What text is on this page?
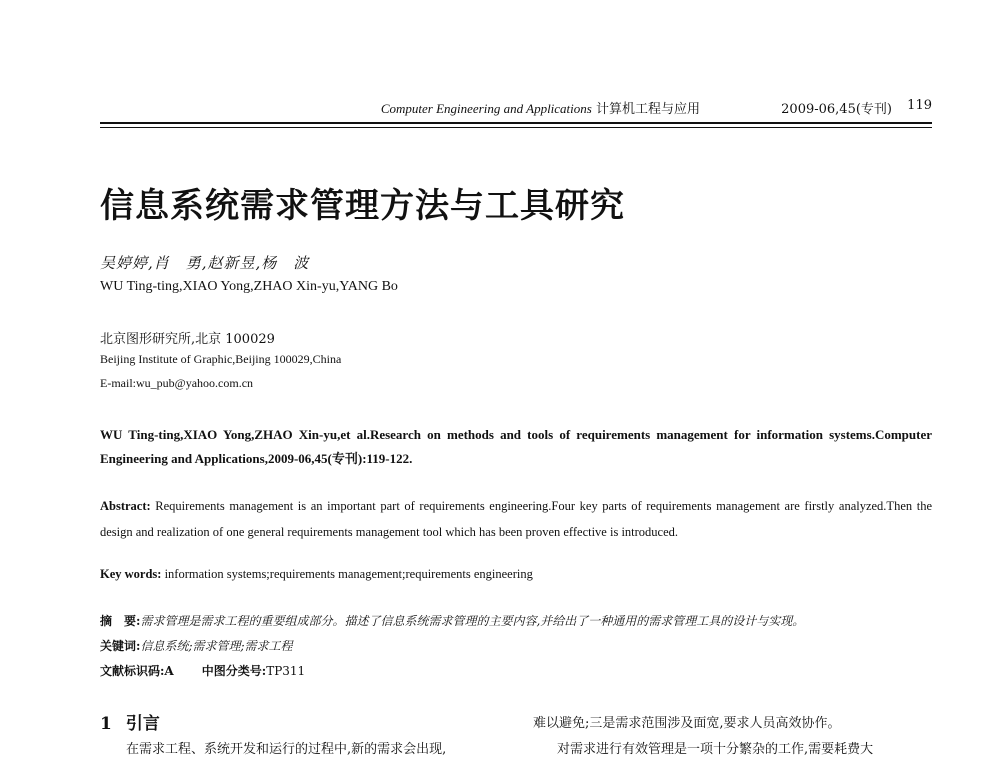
Computer Engineering and Applications 计算机工程与应用	2009-06,45(专刊) 119
信息系统需求管理方法与工具研究
吴婷婷,肖　勇,赵新昱,杨　波
WU Ting-ting,XIAO Yong,ZHAO Xin-yu,YANG Bo
北京图形研究所,北京 100029
Beijing Institute of Graphic,Beijing 100029,China
E-mail:wu_pub@yahoo.com.cn
WU Ting-ting,XIAO Yong,ZHAO Xin-yu,et al.Research on methods and tools of requirements management for information systems.Computer Engineering and Applications,2009-06,45(专刊):119-122.
Abstract: Requirements management is an important part of requirements engineering.Four key parts of requirements management are firstly analyzed.Then the design and realization of one general requirements management tool which has been proven effective is introduced.
Key words: information systems;requirements management;requirements engineering
摘　要:需求管理是需求工程的重要组成部分。描述了信息系统需求管理的主要内容,并给出了一种通用的需求管理工具的设计与实现。
关键词:信息系统;需求管理;需求工程
文献标识码:A 中图分类号:TP311
1 引言
在需求工程、系统开发和运行的过程中,新的需求会出现,
难以避免;三是需求范围涉及面宽,要求人员高效协作。
对需求进行有效管理是一项十分繁杂的工作,需要耗费大
